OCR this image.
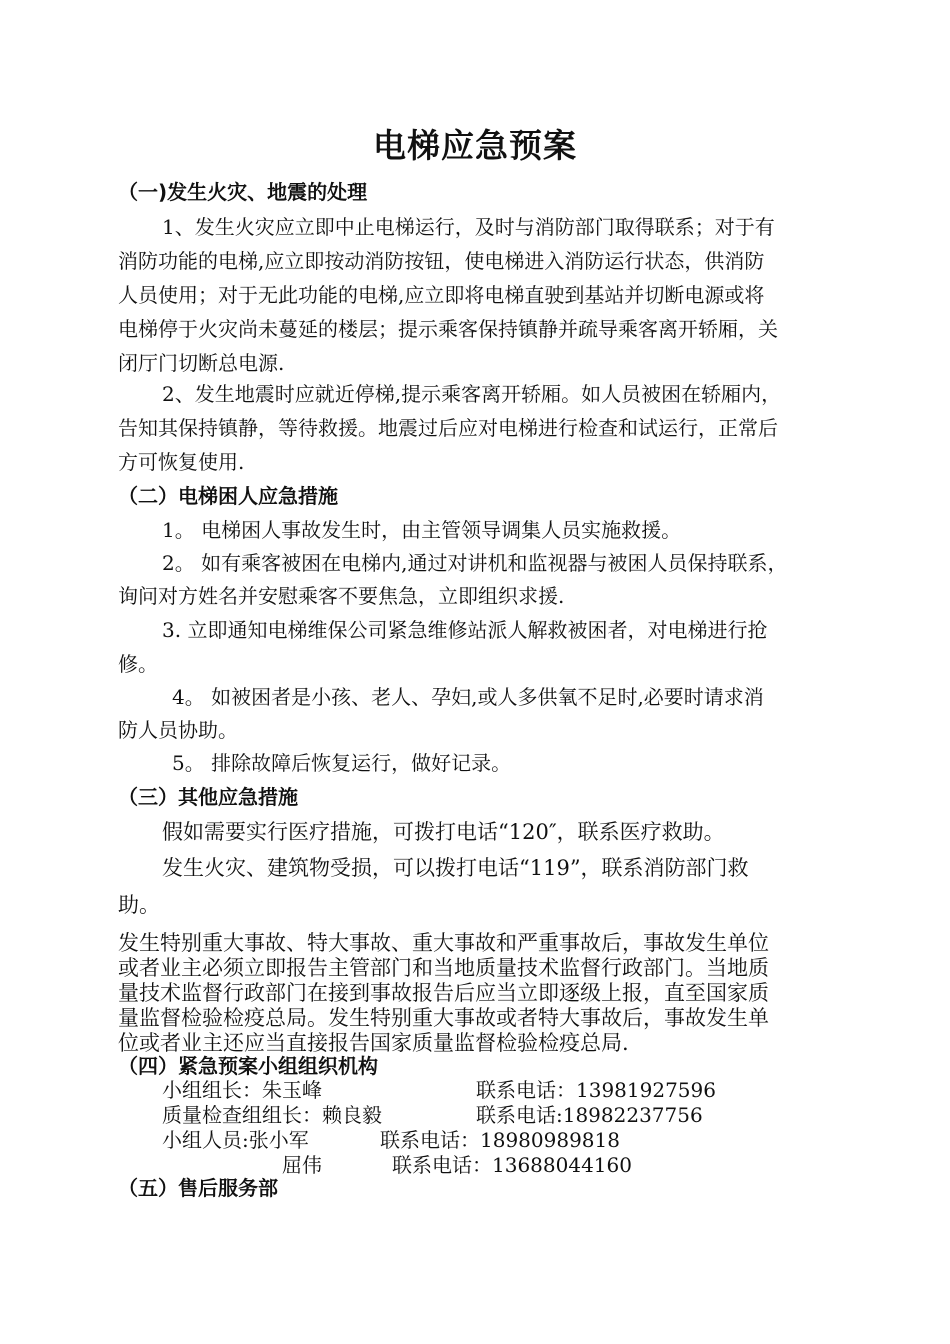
电梯应急预案
（一)发生火灾、地震的处理
1、发生火灾应立即中止电梯运行，及时与消防部门取得联系；对于有
消防功能的电梯,应立即按动消防按钮，使电梯进入消防运行状态，供消防
人员使用；对于无此功能的电梯,应立即将电梯直驶到基站并切断电源或将
电梯停于火灾尚未蔓延的楼层；提示乘客保持镇静并疏导乘客离开轿厢，关
闭厅门切断总电源.
2、发生地震时应就近停梯,提示乘客离开轿厢。如人员被困在轿厢内，
告知其保持镇静，等待救援。地震过后应对电梯进行检查和试运行，正常后
方可恢复使用.
（二）电梯困人应急措施
1。 电梯困人事故发生时，由主管领导调集人员实施救援。
2。 如有乘客被困在电梯内,通过对讲机和监视器与被困人员保持联系，
询问对方姓名并安慰乘客不要焦急，立即组织求援.
3. 立即通知电梯维保公司紧急维修站派人解救被困者，对电梯进行抢
修。
4。 如被困者是小孩、老人、孕妇,或人多供氧不足时,必要时请求消
防人员协助。
5。 排除故障后恢复运行，做好记录。
（三）其他应急措施
假如需要实行医疗措施，可拨打电话“120″，联系医疗救助。
发生火灾、建筑物受损，可以拨打电话“119”，联系消防部门救
助。
发生特别重大事故、特大事故、重大事故和严重事故后，事故发生单位
或者业主必须立即报告主管部门和当地质量技术监督行政部门。当地质
量技术监督行政部门在接到事故报告后应当立即逐级上报，直至国家质
量监督检验检疫总局。发生特别重大事故或者特大事故后，事故发生单
位或者业主还应当直接报告国家质量监督检验检疫总局.
（四）紧急预案小组组织机构
小组组长：朱玉峰	联系电话：13981927596
质量检查组组长：赖良毅	联系电话:18982237756
小组人员:张小军	联系电话：18980989818
屈伟	联系电话：13688044160
（五）售后服务部
